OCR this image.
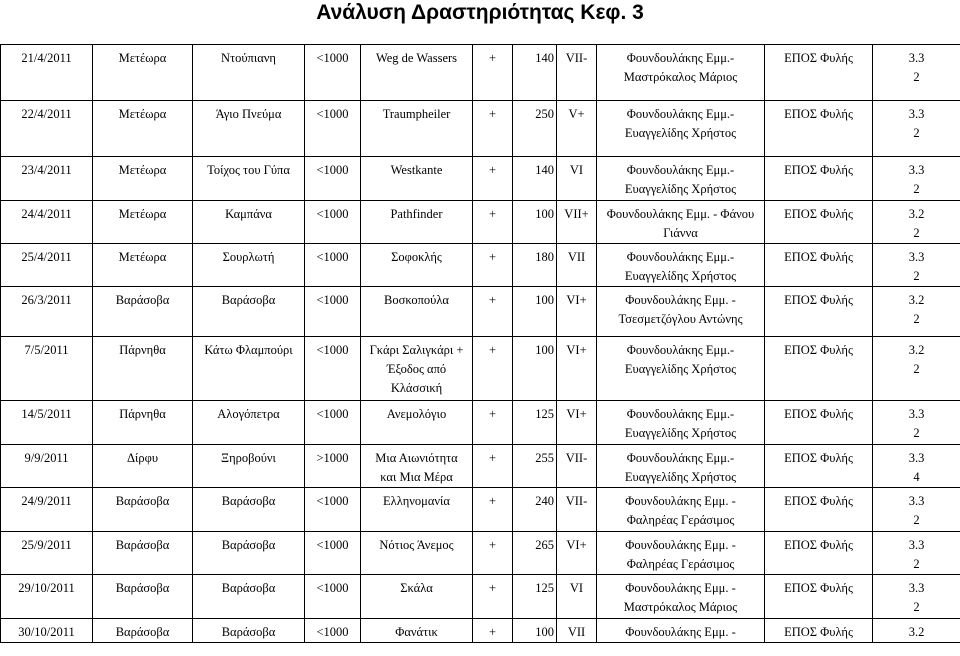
Ανάλυση Δραστηριότητας Κεφ. 3
21/4/2011	Μετέωρα	Ντούπιανη	<1000	Weg de Wassers	+	140	VII-	Φουνδουλάκης Εμμ.-
Μαστρόκαλος Μάριος	ΕΠΟΣ Φυλής	3.3
2

22/4/2011	Μετέωρα	Άγιο Πνεύμα	<1000	Traumpheiler	+	250	V+	Φουνδουλάκης Εμμ.-
Ευαγγελίδης Χρήστος	ΕΠΟΣ Φυλής	3.3
2

23/4/2011	Μετέωρα	Τοίχος του Γύπα	<1000	Westkante	+	140	VI	Φουνδουλάκης Εμμ.-
Ευαγγελίδης Χρήστος	ΕΠΟΣ Φυλής	3.3
2

24/4/2011	Μετέωρα	Καμπάνα	<1000	Pathfinder	+	100	VII+	Φουνδουλάκης Εμμ. - Φάνου
Γιάννα	ΕΠΟΣ Φυλής	3.2
2

25/4/2011	Μετέωρα	Σουρλωτή	<1000	Σοφοκλής	+	180	VII	Φουνδουλάκης Εμμ.-
Ευαγγελίδης Χρήστος	ΕΠΟΣ Φυλής	3.3
2

26/3/2011	Βαράσοβα	Βαράσοβα	<1000	Βοσκοπούλα	+	100	VI+	Φουνδουλάκης Εμμ. -
Τσεσμετζόγλου Αντώνης	ΕΠΟΣ Φυλής	3.2
2

7/5/2011	Πάρνηθα	Κάτω Φλαμπούρι	<1000	Γκάρι Σαλιγκάρι +
Έξοδος από
Κλάσσική	+	100	VI+	Φουνδουλάκης Εμμ.-
Ευαγγελίδης Χρήστος	ΕΠΟΣ Φυλής	3.2
2

14/5/2011	Πάρνηθα	Αλογόπετρα	<1000	Ανεμολόγιο	+	125	VI+	Φουνδουλάκης Εμμ.-
Ευαγγελίδης Χρήστος	ΕΠΟΣ Φυλής	3.3
2

9/9/2011	Δίρφυ	Ξηροβούνι	>1000	Μια Αιωνιότητα
και Μια Μέρα	+	255	VII-	Φουνδουλάκης Εμμ.-
Ευαγγελίδης Χρήστος	ΕΠΟΣ Φυλής	3.3
4

24/9/2011	Βαράσοβα	Βαράσοβα	<1000	Ελληνομανία	+	240	VII-	Φουνδουλάκης Εμμ. -
Φαληρέας Γεράσιμος	ΕΠΟΣ Φυλής	3.3
2

25/9/2011	Βαράσοβα	Βαράσοβα	<1000	Νότιος Άνεμος	+	265	VI+	Φουνδουλάκης Εμμ. -
Φαληρέας Γεράσιμος	ΕΠΟΣ Φυλής	3.3
2

29/10/2011	Βαράσοβα	Βαράσοβα	<1000	Σκάλα	+	125	VI	Φουνδουλάκης Εμμ. -
Μαστρόκαλος Μάριος	ΕΠΟΣ Φυλής	3.3
2

30/10/2011	Βαράσοβα	Βαράσοβα	<1000	Φανάτικ	+	100	VII	Φουνδουλάκης Εμμ. -	ΕΠΟΣ Φυλής	3.2
